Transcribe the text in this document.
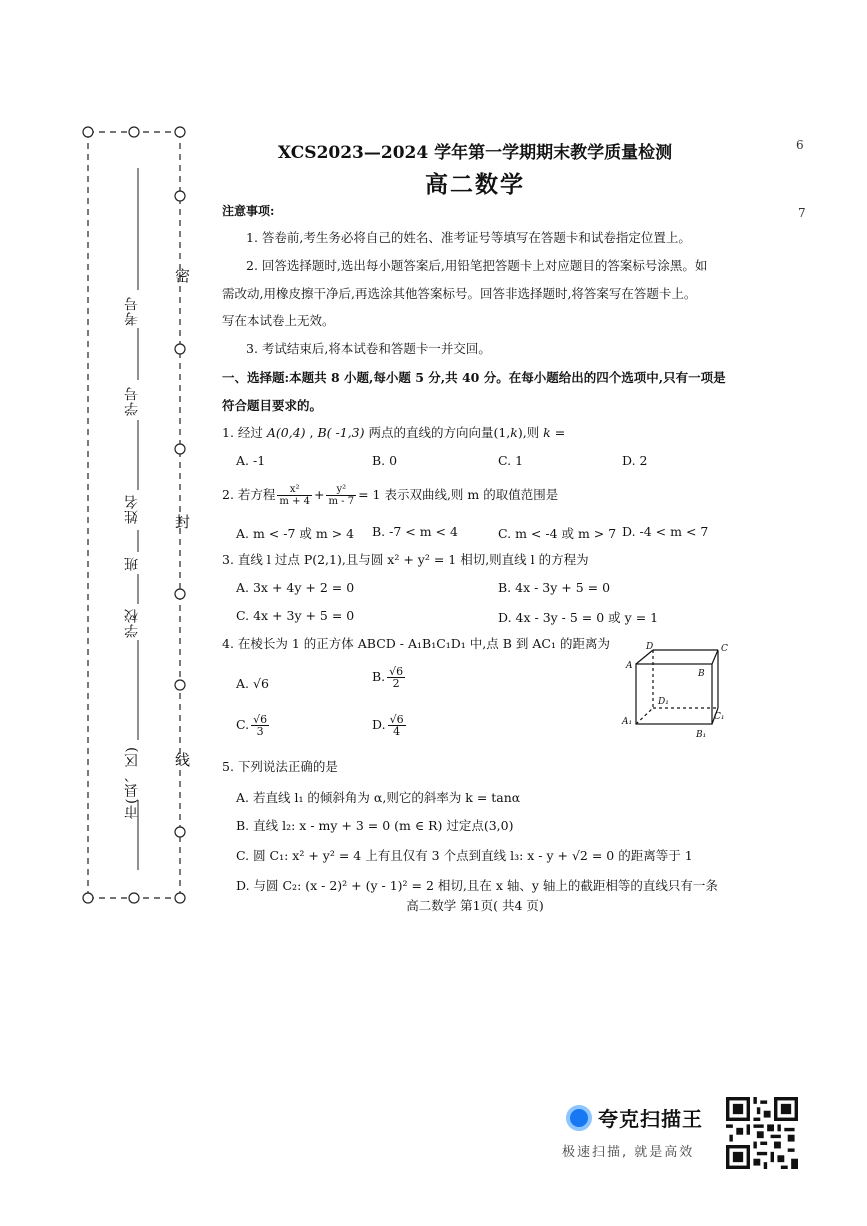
6
7
考号
学号
姓名
班
学校
市(县、区)
密
封
线
XCS2023—2024 学年第一学期期末教学质量检测
高二数学
注意事项:
1. 答卷前,考生务必将自己的姓名、准考证号等填写在答题卡和试卷指定位置上。
2. 回答选择题时,选出每小题答案后,用铅笔把答题卡上对应题目的答案标号涂黑。如
需改动,用橡皮擦干净后,再选涂其他答案标号。回答非选择题时,将答案写在答题卡上。
写在本试卷上无效。
3. 考试结束后,将本试卷和答题卡一并交回。
一、选择题:本题共 8 小题,每小题 5 分,共 40 分。在每小题给出的四个选项中,只有一项是
符合题目要求的。
1. 经过 A(0,4) , B( -1,3) 两点的直线的方向向量(1,k),则 k =
A. -1	B. 0	C. 1	D. 2
2. 若方程 $\frac{\text{x²}}{m + 4} + \frac{\text{y²}}{m - 7} = 1$ 表示双曲线,则 m 的取值范围是
A. m < -7 或 m > 4 B. -7 < m < 4	C. m < -4 或 m > 7 D. -4 < m < 7
3. 直线 l 过点 P(2,1),且与圆 x² + y² = 1 相切,则直线 l 的方程为
A. 3x + 4y + 2 = 0	B. 4x - 3y + 5 = 0
C. 4x + 3y + 5 = 0	D. 4x - 3y - 5 = 0 或 y = 1
4. 在棱长为 1 的正方体 ABCD - A₁B₁C₁D₁ 中,点 B 到 AC₁ 的距离为
A. √6	B. $\frac{√6}{2}$
C. $\frac{√6}{3}$	D. $\frac{√6}{4}$
D	C
A
B
D₁
C₁
A₁
B₁
5. 下列说法正确的是
A. 若直线 l₁ 的倾斜角为 α,则它的斜率为 k = tanα
B. 直线 l₂: x - my + 3 = 0 (m ∈ R) 过定点(3,0)
C. 圆 C₁: x² + y² = 4 上有且仅有 3 个点到直线 l₃: x - y + √2 = 0 的距离等于 1
D. 与圆 C₂: (x - 2)² + (y - 1)² = 2 相切,且在 x 轴、y 轴上的截距相等的直线只有一条
高二数学 第1页( 共4 页)
夸克扫描王
极速扫描, 就是高效
